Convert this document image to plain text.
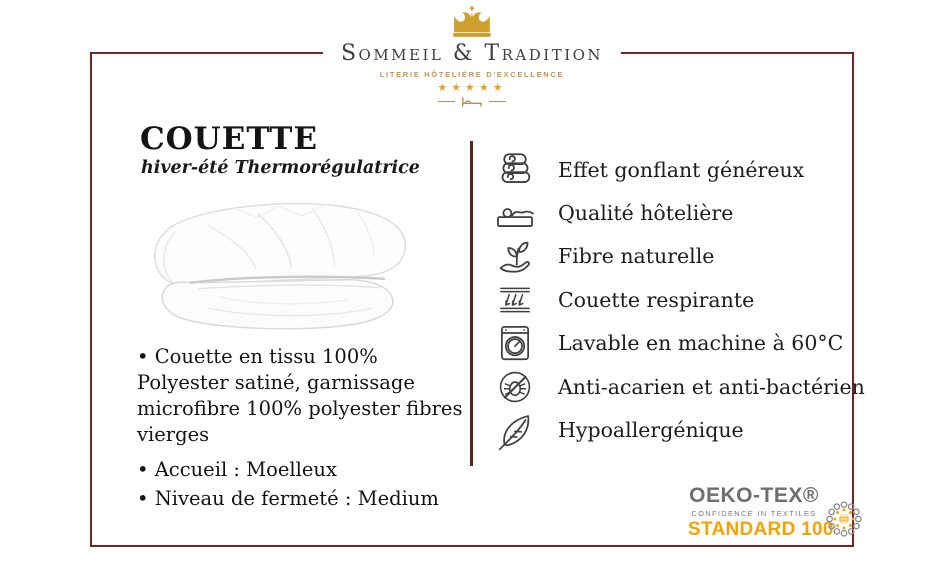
Sommeil & Tradition
LITERIE HÔTELIÈRE D'EXCELLENCE
★★★★★
COUETTE
hiver-été Thermorégulatrice

• Couette en tissu 100% Polyester satiné, garnissage microfibre 100% polyester fibres vierges

• Accueil : Moelleux

• Niveau de fermeté : Medium

Effet gonflant généreux
Qualité hôtelière
Fibre naturelle
Couette respirante
Lavable en machine à 60°C
Anti-acarien et anti-bactérien
Hypoallergénique
OEKO-TEX®
CONFIDENCE IN TEXTILES
STANDARD 100
